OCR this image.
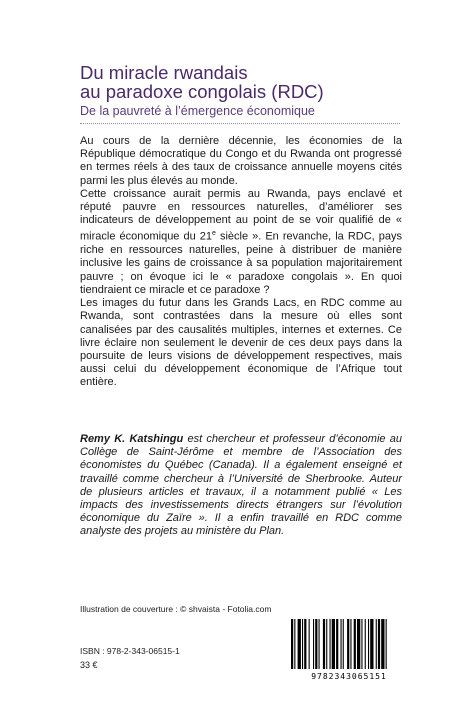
Du miracle rwandais
au paradoxe congolais (RDC)
De la pauvreté à l’émergence économique

Au cours de la dernière décennie, les économies de la République démocratique du Congo et du Rwanda ont progressé en termes réels à des taux de croissance annuelle moyens cités parmi les plus élevés au monde.

Cette croissance aurait permis au Rwanda, pays enclavé et réputé pauvre en ressources naturelles, d’améliorer ses indicateurs de développement au point de se voir qualifié de « miracle économique du 21e siècle ». En revanche, la RDC, pays riche en ressources naturelles, peine à distribuer de manière inclusive les gains de croissance à sa population majoritairement pauvre ; on évoque ici le « paradoxe congolais ». En quoi tiendraient ce miracle et ce paradoxe ?

Les images du futur dans les Grands Lacs, en RDC comme au Rwanda, sont contrastées dans la mesure où elles sont canalisées par des causalités multiples, internes et externes. Ce livre éclaire non seulement le devenir de ces deux pays dans la poursuite de leurs visions de développement respectives, mais aussi celui du développement économique de l’Afrique tout entière.

Remy K. Katshingu est chercheur et professeur d’économie au Collège de Saint-Jérôme et membre de l’Association des économistes du Québec (Canada). Il a également enseigné et travaillé comme chercheur à l’Université de Sherbrooke. Auteur de plusieurs articles et travaux, il a notamment publié « Les impacts des investissements directs étrangers sur l’évolution économique du Zaïre ». Il a enfin travaillé en RDC comme analyste des projets au ministère du Plan.
Illustration de couverture : © shvaista - Fotolia.com
ISBN : 978-2-343-06515-1
33 €
9782343065151
